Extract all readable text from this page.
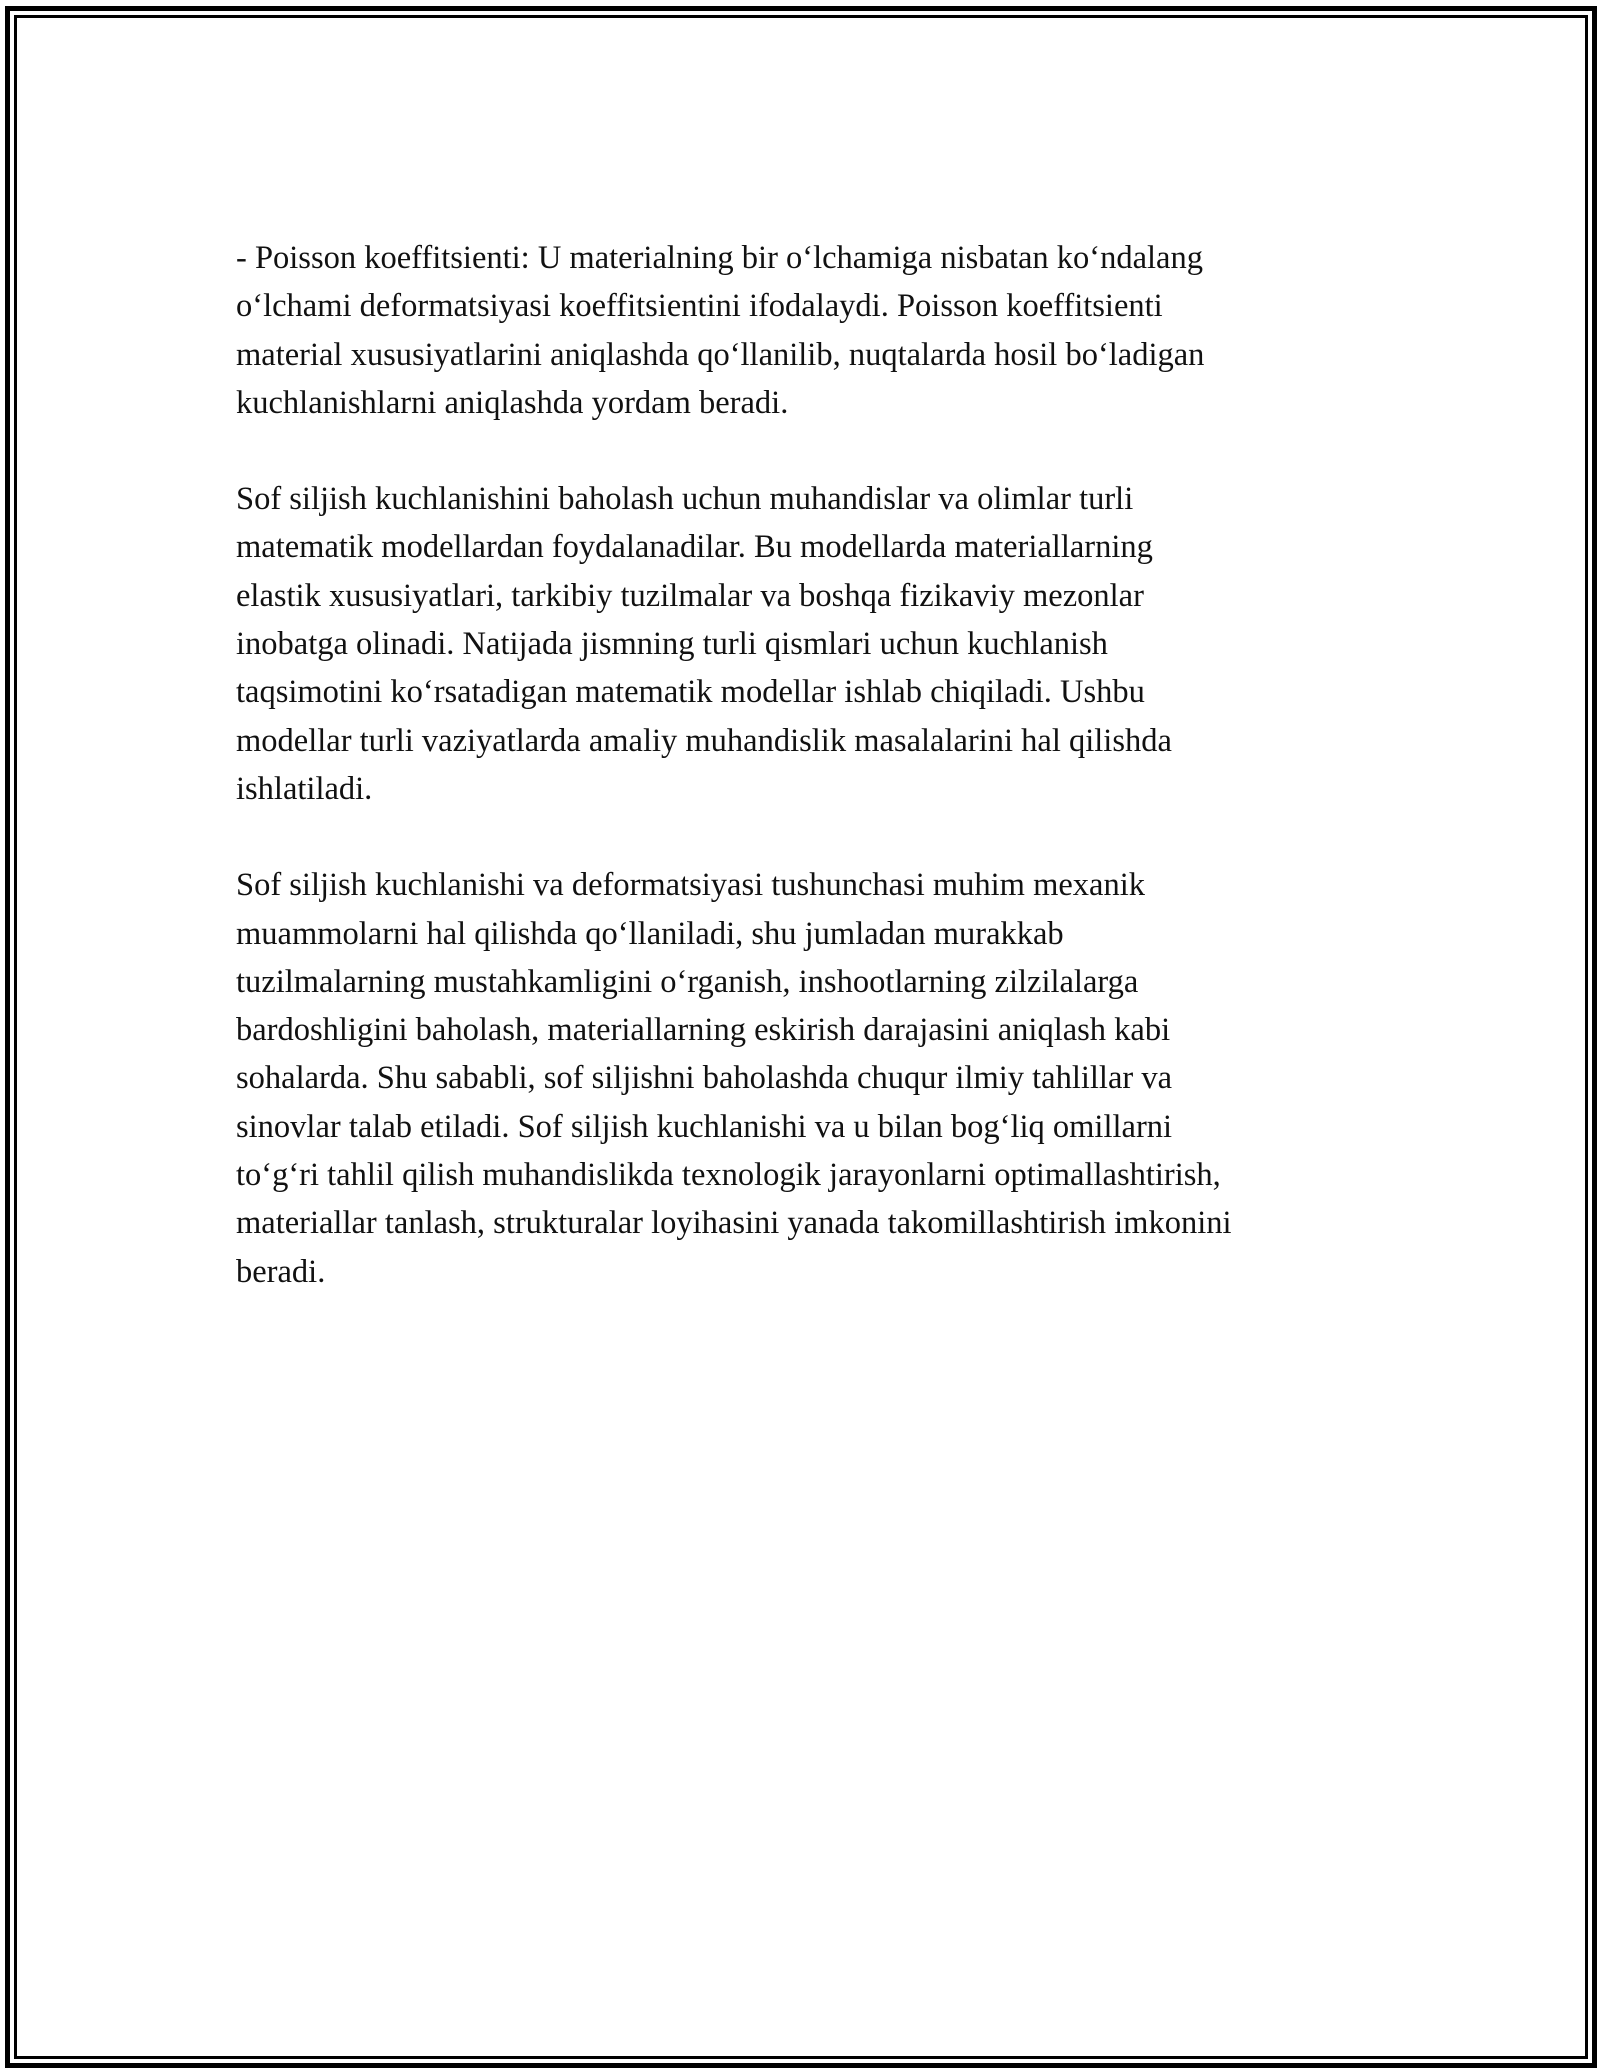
- Poisson koeffitsienti: U materialning bir o‘lchamiga nisbatan ko‘ndalang
o‘lchami deformatsiyasi koeffitsientini ifodalaydi. Poisson koeffitsienti
material xususiyatlarini aniqlashda qo‘llanilib, nuqtalarda hosil bo‘ladigan
kuchlanishlarni aniqlashda yordam beradi.

Sof siljish kuchlanishini baholash uchun muhandislar va olimlar turli
matematik modellardan foydalanadilar. Bu modellarda materiallarning
elastik xususiyatlari, tarkibiy tuzilmalar va boshqa fizikaviy mezonlar
inobatga olinadi. Natijada jismning turli qismlari uchun kuchlanish
taqsimotini ko‘rsatadigan matematik modellar ishlab chiqiladi. Ushbu
modellar turli vaziyatlarda amaliy muhandislik masalalarini hal qilishda
ishlatiladi.

Sof siljish kuchlanishi va deformatsiyasi tushunchasi muhim mexanik
muammolarni hal qilishda qo‘llaniladi, shu jumladan murakkab
tuzilmalarning mustahkamligini o‘rganish, inshootlarning zilzilalarga
bardoshligini baholash, materiallarning eskirish darajasini aniqlash kabi
sohalarda. Shu sababli, sof siljishni baholashda chuqur ilmiy tahlillar va
sinovlar talab etiladi. Sof siljish kuchlanishi va u bilan bog‘liq omillarni
to‘g‘ri tahlil qilish muhandislikda texnologik jarayonlarni optimallashtirish,
materiallar tanlash, strukturalar loyihasini yanada takomillashtirish imkonini
beradi.
